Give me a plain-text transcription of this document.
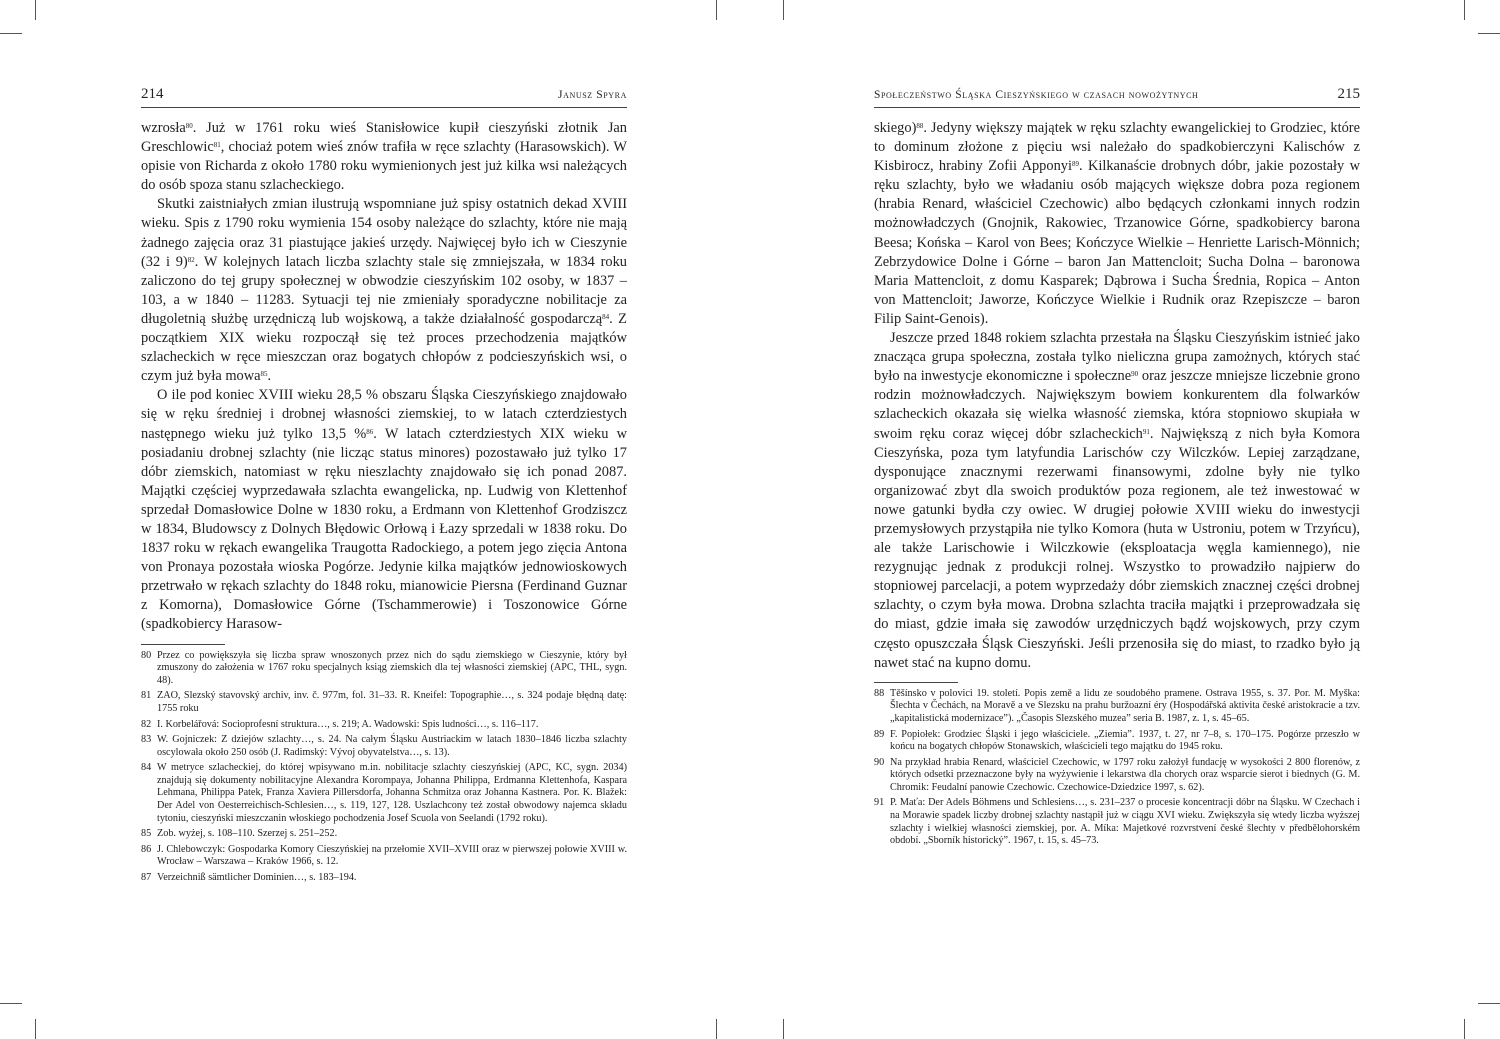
214	Janusz Spyra

wzrosła$^{80}$. Już w 1761 roku wieś Stanisłowice kupił cieszyński złotnik Jan Greschlowic$^{81}$, chociaż potem wieś znów trafiła w ręce szlachty (Harasowskich). W opisie von Richarda z około 1780 roku wymienionych jest już kilka wsi należących do osób spoza stanu szlacheckiego.

Skutki zaistniałych zmian ilustrują wspomniane już spisy ostatnich dekad XVIII wieku. Spis z 1790 roku wymienia 154 osoby należące do szlachty, które nie mają żadnego zajęcia oraz 31 piastujące jakieś urzędy. Najwięcej było ich w Cieszynie (32 i 9)$^{82}$. W kolejnych latach liczba szlachty stale się zmniejszała, w 1834 roku zaliczono do tej grupy społecznej w obwodzie cieszyńskim 102 osoby, w 1837 – 103, a w 1840 – 11283. Sytuacji tej nie zmieniały sporadyczne nobilitacje za długoletnią służbę urzędniczą lub wojskową, a także działalność gospodarczą$^{84}$. Z początkiem XIX wieku rozpoczął się też proces przechodzenia majątków szlacheckich w ręce mieszczan oraz bogatych chłopów z podcieszyńskich wsi, o czym już była mowa$^{85}$.

O ile pod koniec XVIII wieku 28,5 % obszaru Śląska Cieszyńskiego znajdowało się w ręku średniej i drobnej własności ziemskiej, to w latach czterdziestych następnego wieku już tylko 13,5 %$^{86}$. W latach czterdziestych XIX wieku w posiadaniu drobnej szlachty (nie licząc status minores) pozostawało już tylko 17 dóbr ziemskich, natomiast w ręku nieszlachty znajdowało się ich ponad 2087. Majątki częściej wyprzedawała szlachta ewangelicka, np. Ludwig von Klettenhof sprzedał Domasłowice Dolne w 1830 roku, a Erdmann von Klettenhof Grodziszcz w 1834, Bludowscy z Dolnych Błędowic Orłową i Łazy sprzedali w 1838 roku. Do 1837 roku w rękach ewangelika Traugotta Radockiego, a potem jego zięcia Antona von Pronaya pozostała wioska Pogórze. Jedynie kilka majątków jednowioskowych przetrwało w rękach szlachty do 1848 roku, mianowicie Piersna (Ferdinand Guznar z Komorna), Domasłowice Górne (Tschammerowie) i Toszonowice Górne (spadkobiercy Harasow-

80 Przez co powiększyła się liczba spraw wnoszonych przez nich do sądu ziemskiego w Cieszynie, który był zmuszony do założenia w 1767 roku specjalnych ksiąg ziemskich dla tej własności ziemskiej (APC, THL, sygn. 48).
81 ZAO, Slezský stavovský archiv, inv. č. 977m, fol. 31–33. R. Kneifel: Topographie…, s. 324 podaje błędną datę: 1755 roku
82 I. Korbelářová: Socioprofesní struktura…, s. 219; A. Wadowski: Spis ludności…, s. 116–117.
83 W. Gojniczek: Z dziejów szlachty…, s. 24. Na całym Śląsku Austriackim w latach 1830–1846 liczba szlachty oscylowała około 250 osób (J. Radimský: Vývoj obyvatelstva…, s. 13).
84 W metryce szlacheckiej, do której wpisywano m.in. nobilitacje szlachty cieszyńskiej (APC, KC, sygn. 2034) znajdują się dokumenty nobilitacyjne Alexandra Korompaya, Johanna Philippa, Erdmanna Klettenhofa, Kaspara Lehmana, Philippa Patek, Franza Xaviera Pillersdorfa, Johanna Schmitza oraz Johanna Kastnera. Por. K. Blažek: Der Adel von Oesterreichisch-Schlesien…, s. 119, 127, 128. Uszlachcony też został obwodowy najemca składu tytoniu, cieszyński mieszczanin włoskiego pochodzenia Josef Scuola von Seelandi (1792 roku).
85 Zob. wyżej, s. 108–110. Szerzej s. 251–252.
86 J. Chlebowczyk: Gospodarka Komory Cieszyńskiej na przełomie XVII–XVIII oraz w pierwszej połowie XVIII w. Wrocław – Warszawa – Kraków 1966, s. 12.
87 Verzeichniß sämtlicher Dominien…, s. 183–194.
Społeczeństwo Śląska Cieszyńskiego w czasach nowożytnych	215

skiego)$^{88}$. Jedyny większy majątek w ręku szlachty ewangelickiej to Grodziec, które to dominum złożone z pięciu wsi należało do spadkobierczyni Kalischów z Kisbirocz, hrabiny Zofii Apponyi$^{89}$. Kilkanaście drobnych dóbr, jakie pozostały w ręku szlachty, było we władaniu osób mających większe dobra poza regionem (hrabia Renard, właściciel Czechowic) albo będących członkami innych rodzin możnowładczych (Gnojnik, Rakowiec, Trzanowice Górne, spadkobiercy barona Beesa; Końska – Karol von Bees; Kończyce Wielkie – Henriette Larisch-Mönnich; Zebrzydowice Dolne i Górne – baron Jan Mattencloit; Sucha Dolna – baronowa Maria Mattencloit, z domu Kasparek; Dąbrowa i Sucha Średnia, Ropica – Anton von Mattencloit; Jaworze, Kończyce Wielkie i Rudnik oraz Rzepiszcze – baron Filip Saint-Genois).

Jeszcze przed 1848 rokiem szlachta przestała na Śląsku Cieszyńskim istnieć jako znacząca grupa społeczna, została tylko nieliczna grupa zamożnych, których stać było na inwestycje ekonomiczne i społeczne$^{90}$ oraz jeszcze mniejsze liczebnie grono rodzin możnowładczych. Największym bowiem konkurentem dla folwarków szlacheckich okazała się wielka własność ziemska, która stopniowo skupiała w swoim ręku coraz więcej dóbr szlacheckich$^{91}$. Największą z nich była Komora Cieszyńska, poza tym latyfundia Larischów czy Wilczków. Lepiej zarządzane, dysponujące znacznymi rezerwami finansowymi, zdolne były nie tylko organizować zbyt dla swoich produktów poza regionem, ale też inwestować w nowe gatunki bydła czy owiec. W drugiej połowie XVIII wieku do inwestycji przemysłowych przystąpiła nie tylko Komora (huta w Ustroniu, potem w Trzyńcu), ale także Larischowie i Wilczkowie (eksploatacja węgla kamiennego), nie rezygnując jednak z produkcji rolnej. Wszystko to prowadziło najpierw do stopniowej parcelacji, a potem wyprzedaży dóbr ziemskich znacznej części drobnej szlachty, o czym była mowa. Drobna szlachta traciła majątki i przeprowadzała się do miast, gdzie imała się zawodów urzędniczych bądź wojskowych, przy czym często opuszczała Śląsk Cieszyński. Jeśli przenosiła się do miast, to rzadko było ją nawet stać na kupno domu.

88 Těšínsko v polovici 19. století. Popis země a lidu ze soudobého pramene. Ostrava 1955, s. 37. Por. M. Myška: Šlechta v Čechách, na Moravě a ve Slezsku na prahu buržoazní éry (Hospodářská aktivita české aristokracie a tzv. „kapitalistická modernizace”). „Časopis Slezského muzea” seria B. 1987, z. 1, s. 45–65.
89 F. Popiołek: Grodziec Śląski i jego właściciele. „Ziemia”. 1937, t. 27, nr 7–8, s. 170–175. Pogórze przeszło w końcu na bogatych chłopów Stonawskich, właścicieli tego majątku do 1945 roku.
90 Na przykład hrabia Renard, właściciel Czechowic, w 1797 roku założył fundację w wysokości 2 800 florenów, z których odsetki przeznaczone były na wyżywienie i lekarstwa dla chorych oraz wsparcie sierot i biednych (G. M. Chromik: Feudalní panowie Czechowic. Czechowice-Dziedzice 1997, s. 62).
91 P. Maťa: Der Adels Böhmens und Schlesiens…, s. 231–237 o procesie koncentracji dóbr na Śląsku. W Czechach i na Morawie spadek liczby drobnej szlachty nastąpił już w ciągu XVI wieku. Zwiększyła się wtedy liczba wyższej szlachty i wielkiej własności ziemskiej, por. A. Míka: Majetkové rozvrstvení české šlechty v předbělohorském období. „Sborník historický”. 1967, t. 15, s. 45–73.
